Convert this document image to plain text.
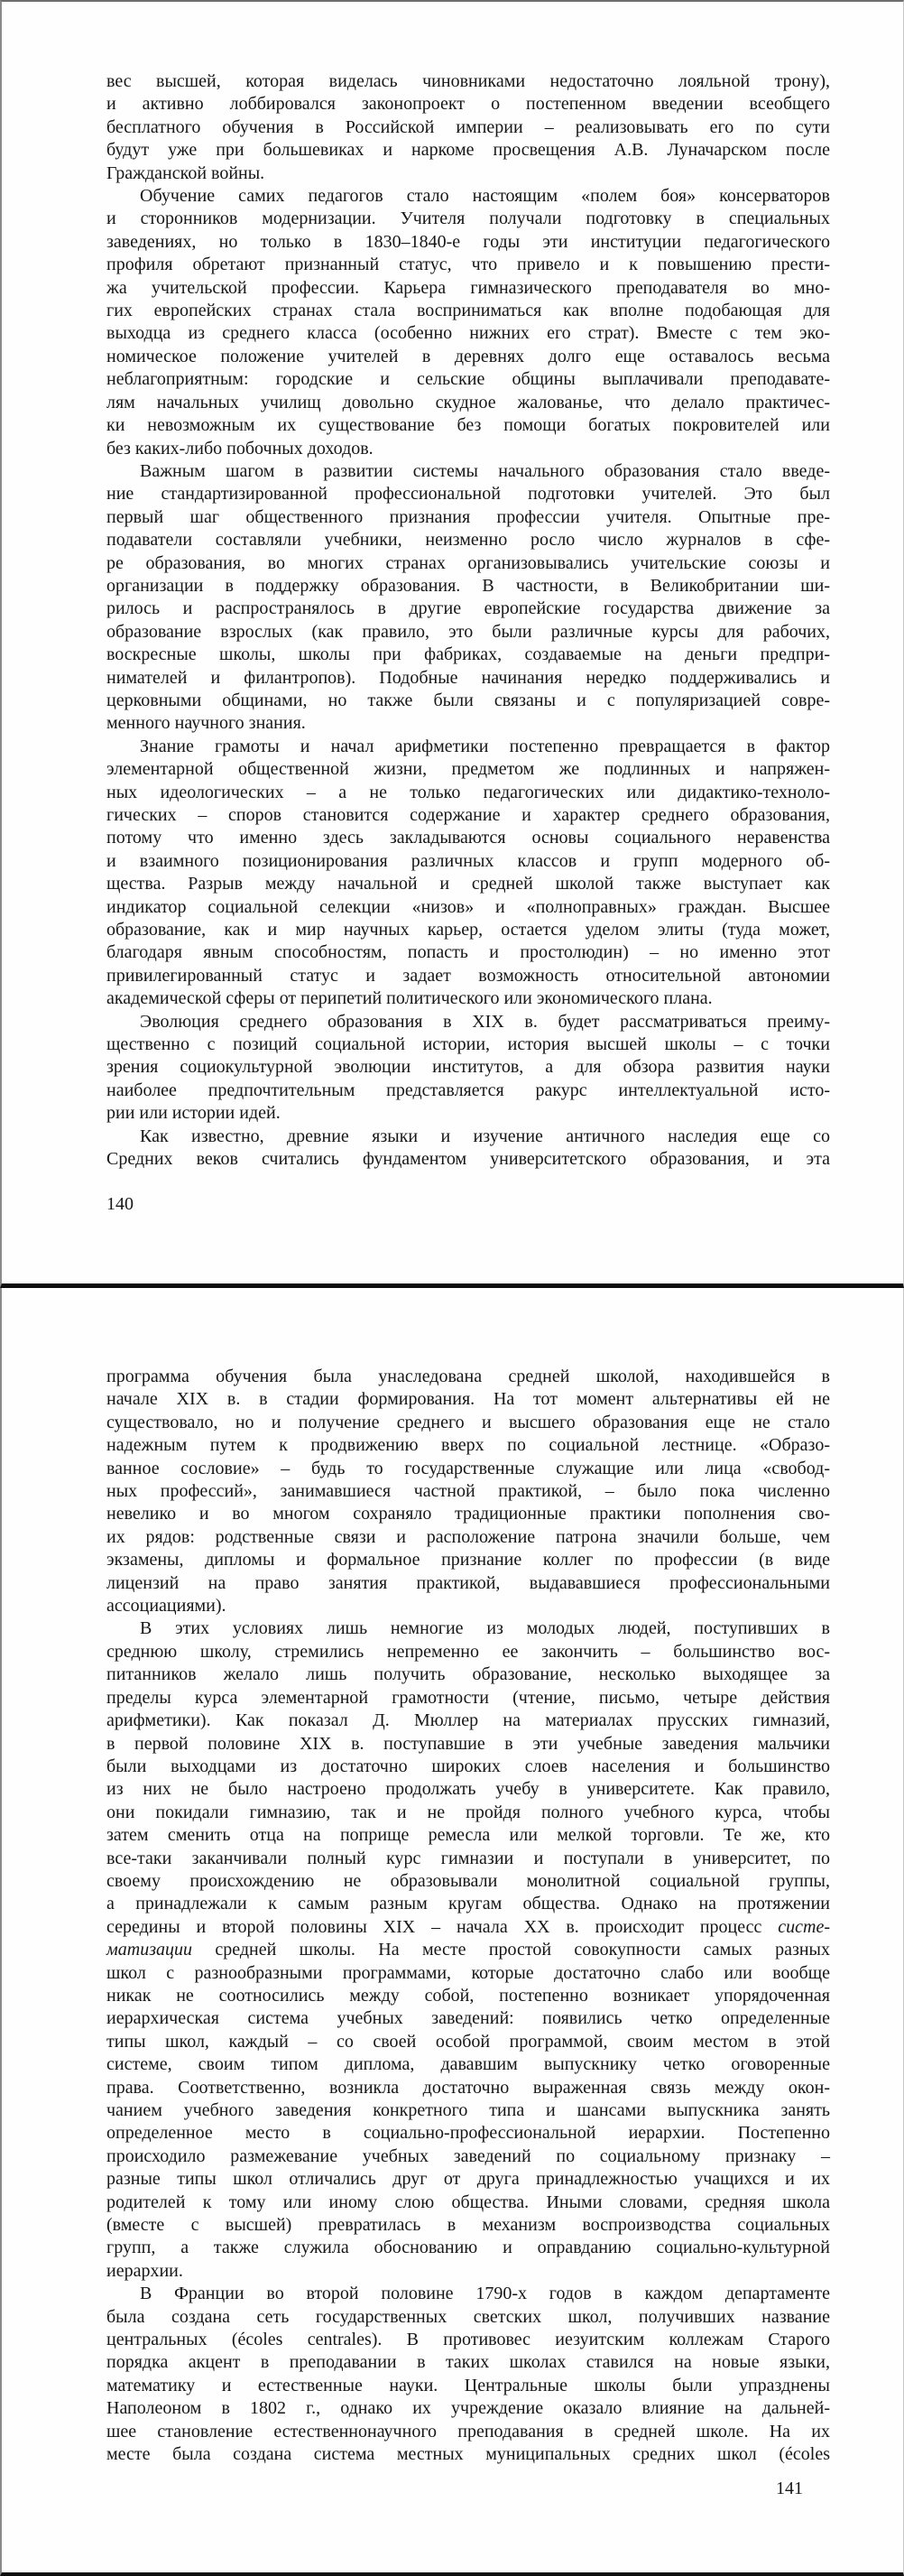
вес высшей, которая виделась чиновниками недостаточно лояльной трону),
и активно лоббировался законопроект о постепенном введении всеобщего
бесплатного обучения в Российской империи – реализовывать его по сути
будут уже при большевиках и наркоме просвещения А.В. Луначарском после
Гражданской войны.
Обучение самих педагогов стало настоящим «полем боя» консерваторов
и сторонников модернизации. Учителя получали подготовку в специальных
заведениях, но только в 1830–1840-е годы эти институции педагогического
профиля обретают признанный статус, что привело и к повышению прести-
жа учительской профессии. Карьера гимназического преподавателя во мно-
гих европейских странах стала восприниматься как вполне подобающая для
выходца из среднего класса (особенно нижних его страт). Вместе с тем эко-
номическое положение учителей в деревнях долго еще оставалось весьма
неблагоприятным: городские и сельские общины выплачивали преподавате-
лям начальных училищ довольно скудное жалованье, что делало практичес-
ки невозможным их существование без помощи богатых покровителей или
без каких-либо побочных доходов.
Важным шагом в развитии системы начального образования стало введе-
ние стандартизированной профессиональной подготовки учителей. Это был
первый шаг общественного признания профессии учителя. Опытные пре-
подаватели составляли учебники, неизменно росло число журналов в сфе-
ре образования, во многих странах организовывались учительские союзы и
организации в поддержку образования. В частности, в Великобритании ши-
рилось и распространялось в другие европейские государства движение за
образование взрослых (как правило, это были различные курсы для рабочих,
воскресные школы, школы при фабриках, создаваемые на деньги предпри-
нимателей и филантропов). Подобные начинания нередко поддерживались и
церковными общинами, но также были связаны и с популяризацией совре-
менного научного знания.
Знание грамоты и начал арифметики постепенно превращается в фактор
элементарной общественной жизни, предметом же подлинных и напряжен-
ных идеологических – а не только педагогических или дидактико-техноло-
гических – споров становится содержание и характер среднего образования,
потому что именно здесь закладываются основы социального неравенства
и взаимного позиционирования различных классов и групп модерного об-
щества. Разрыв между начальной и средней школой также выступает как
индикатор социальной селекции «низов» и «полноправных» граждан. Высшее
образование, как и мир научных карьер, остается уделом элиты (туда может,
благодаря явным способностям, попасть и простолюдин) – но именно этот
привилегированный статус и задает возможность относительной автономии
академической сферы от перипетий политического или экономического плана.
Эволюция среднего образования в XIX в. будет рассматриваться преиму-
щественно с позиций социальной истории, история высшей школы – с точки
зрения социокультурной эволюции институтов, а для обзора развития науки
наиболее предпочтительным представляется ракурс интеллектуальной исто-
рии или истории идей.
Как известно, древние языки и изучение античного наследия еще со
Средних веков считались фундаментом университетского образования, и эта
140
программа обучения была унаследована средней школой, находившейся в
начале XIX в. в стадии формирования. На тот момент альтернативы ей не
существовало, но и получение среднего и высшего образования еще не стало
надежным путем к продвижению вверх по социальной лестнице. «Образо-
ванное сословие» – будь то государственные служащие или лица «свобод-
ных профессий», занимавшиеся частной практикой, – было пока численно
невелико и во многом сохраняло традиционные практики пополнения сво-
их рядов: родственные связи и расположение патрона значили больше, чем
экзамены, дипломы и формальное признание коллег по профессии (в виде
лицензий на право занятия практикой, выдававшиеся профессиональными
ассоциациями).
В этих условиях лишь немногие из молодых людей, поступивших в
среднюю школу, стремились непременно ее закончить – большинство вос-
питанников желало лишь получить образование, несколько выходящее за
пределы курса элементарной грамотности (чтение, письмо, четыре действия
арифметики). Как показал Д. Мюллер на материалах прусских гимназий,
в первой половине XIX в. поступавшие в эти учебные заведения мальчики
были выходцами из достаточно широких слоев населения и большинство
из них не было настроено продолжать учебу в университете. Как правило,
они покидали гимназию, так и не пройдя полного учебного курса, чтобы
затем сменить отца на поприще ремесла или мелкой торговли. Те же, кто
все-таки заканчивали полный курс гимназии и поступали в университет, по
своему происхождению не образовывали монолитной социальной группы,
а принадлежали к самым разным кругам общества. Однако на протяжении
середины и второй половины XIX – начала XX в. происходит процесс систе-
матизации средней школы. На месте простой совокупности самых разных
школ с разнообразными программами, которые достаточно слабо или вообще
никак не соотносились между собой, постепенно возникает упорядоченная
иерархическая система учебных заведений: появились четко определенные
типы школ, каждый – со своей особой программой, своим местом в этой
системе, своим типом диплома, дававшим выпускнику четко оговоренные
права. Соответственно, возникла достаточно выраженная связь между окон-
чанием учебного заведения конкретного типа и шансами выпускника занять
определенное место в социально-профессиональной иерархии. Постепенно
происходило размежевание учебных заведений по социальному признаку –
разные типы школ отличались друг от друга принадлежностью учащихся и их
родителей к тому или иному слою общества. Иными словами, средняя школа
(вместе с высшей) превратилась в механизм воспроизводства социальных
групп, а также служила обоснованию и оправданию социально-культурной
иерархии.
В Франции во второй половине 1790-х годов в каждом департаменте
была создана сеть государственных светских школ, получивших название
центральных (écoles centrales). В противовес иезуитским коллежам Старого
порядка акцент в преподавании в таких школах ставился на новые языки,
математику и естественные науки. Центральные школы были упразднены
Наполеоном в 1802 г., однако их учреждение оказало влияние на дальней-
шее становление естественнонаучного преподавания в средней школе. На их
месте была создана система местных муниципальных средних школ (écoles
141
